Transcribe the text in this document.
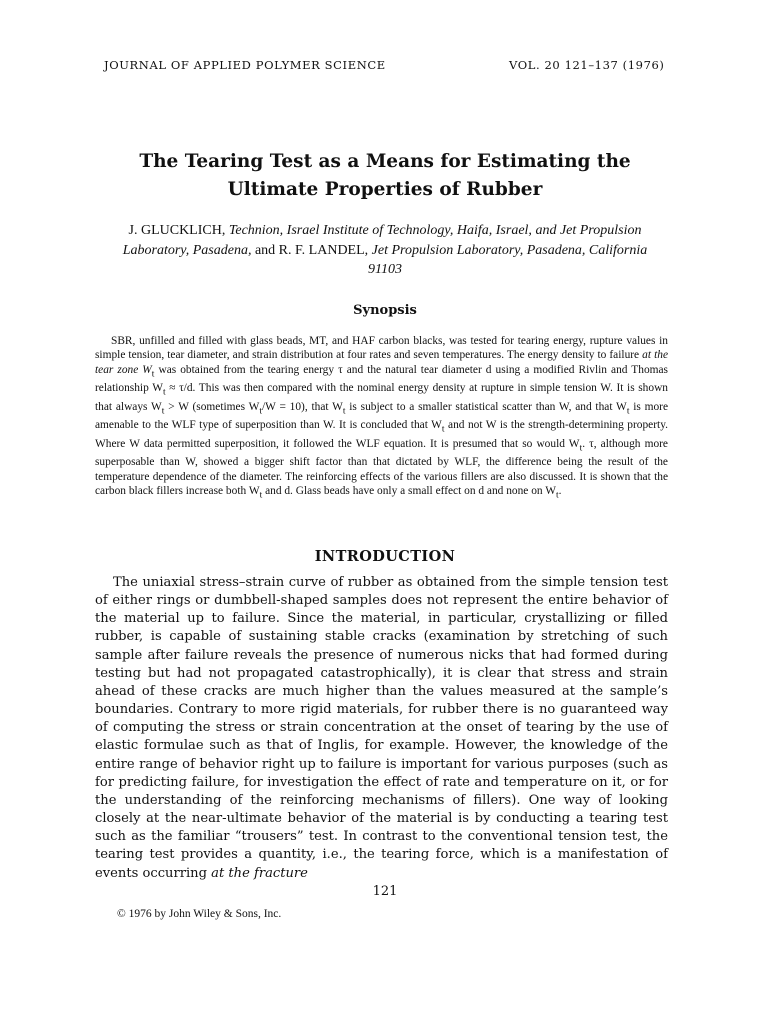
JOURNAL OF APPLIED POLYMER SCIENCE	VOL. 20 121–137 (1976)
The Tearing Test as a Means for Estimating the
Ultimate Properties of Rubber
J. GLUCKLICH, Technion, Israel Institute of Technology, Haifa, Israel, and Jet Propulsion Laboratory, Pasadena, and R. F. LANDEL, Jet Propulsion Laboratory, Pasadena, California 91103
Synopsis

SBR, unfilled and filled with glass beads, MT, and HAF carbon blacks, was tested for tearing energy, rupture values in simple tension, tear diameter, and strain distribution at four rates and seven temperatures. The energy density to failure at the tear zone $W_t$ was obtained from the tearing energy τ and the natural tear diameter d using a modified Rivlin and Thomas relationship $W_t \approx \tau/d$. This was then compared with the nominal energy density at rupture in simple tension W. It is shown that always $W_t > W$ (sometimes $W_t/W = 10$), that $W_t$ is subject to a smaller statistical scatter than W, and that $W_t$ is more amenable to the WLF type of superposition than W. It is concluded that $W_t$ and not W is the strength-determining property. Where W data permitted superposition, it followed the WLF equation. It is presumed that so would $W_t$. τ, although more superposable than W, showed a bigger shift factor than that dictated by WLF, the difference being the result of the temperature dependence of the diameter. The reinforcing effects of the various fillers are also discussed. It is shown that the carbon black fillers increase both $W_t$ and d. Glass beads have only a small effect on d and none on $W_t$.

INTRODUCTION

The uniaxial stress–strain curve of rubber as obtained from the simple tension test of either rings or dumbbell-shaped samples does not represent the entire behavior of the material up to failure. Since the material, in particular, crystallizing or filled rubber, is capable of sustaining stable cracks (examination by stretching of such sample after failure reveals the presence of numerous nicks that had formed during testing but had not propagated catastrophically), it is clear that stress and strain ahead of these cracks are much higher than the values measured at the sample’s boundaries. Contrary to more rigid materials, for rubber there is no guaranteed way of computing the stress or strain concentration at the onset of tearing by the use of elastic formulae such as that of Inglis, for example. However, the knowledge of the entire range of behavior right up to failure is important for various purposes (such as for predicting failure, for investigation the effect of rate and temperature on it, or for the understanding of the reinforcing mechanisms of fillers). One way of looking closely at the near-ultimate behavior of the material is by conducting a tearing test such as the familiar “trousers” test. In contrast to the conventional tension test, the tearing test provides a quantity, i.e., the tearing force, which is a manifestation of events occurring at the fracture

121
© 1976 by John Wiley & Sons, Inc.
